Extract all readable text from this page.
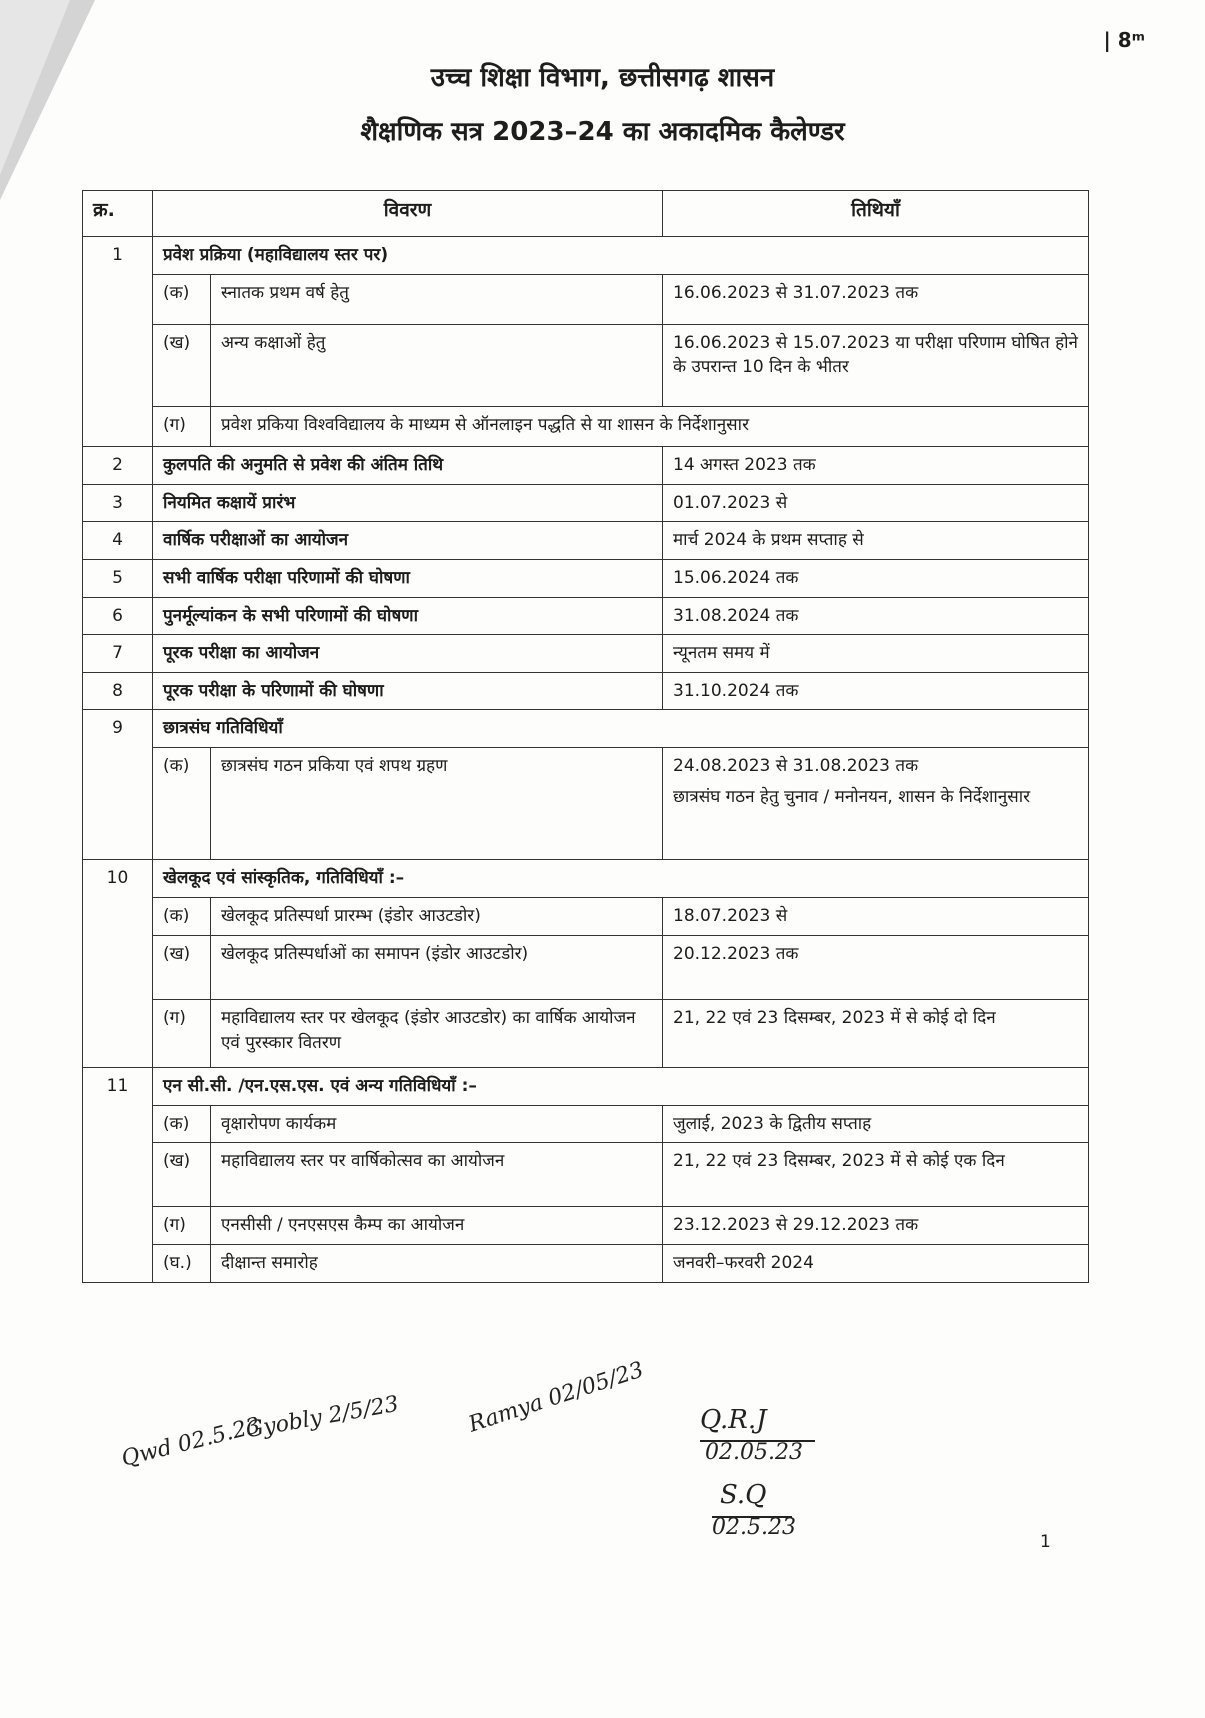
| 8ᵐ
उच्च शिक्षा विभाग, छत्तीसगढ़ शासन
शैक्षणिक सत्र 2023–24 का अकादमिक कैलेण्डर
क्र.	विवरण		तिथियाँ
1	प्रवेश प्रक्रिया (महाविद्यालय स्तर पर)		
	(क)	स्नातक प्रथम वर्ष हेतु	16.06.2023 से 31.07.2023 तक
	(ख)	अन्य कक्षाओं हेतु	16.06.2023 से 15.07.2023 या परीक्षा परिणाम घोषित होने के उपरान्त 10 दिन के भीतर
	(ग)	प्रवेश प्रकिया विश्वविद्यालय के माध्यम से ऑनलाइन पद्धति से या शासन के निर्देशानुसार	
2	कुलपति की अनुमति से प्रवेश की अंतिम तिथि		14 अगस्त 2023 तक
3	नियमित कक्षायें प्रारंभ		01.07.2023 से
4	वार्षिक परीक्षाओं का आयोजन		मार्च 2024 के प्रथम सप्ताह से
5	सभी वार्षिक परीक्षा परिणामों की घोषणा		15.06.2024 तक
6	पुनर्मूल्यांकन के सभी परिणामों की घोषणा		31.08.2024 तक
7	पूरक परीक्षा का आयोजन		न्यूनतम समय में
8	पूरक परीक्षा के परिणामों की घोषणा		31.10.2024 तक
9	छात्रसंघ गतिविधियाँ		
	(क)	छात्रसंघ गठन प्रकिया एवं शपथ ग्रहण	24.08.2023 से 31.08.2023 तक
छात्रसंघ गठन हेतु चुनाव / मनोनयन, शासन के निर्देशानुसार

10	खेलकूद एवं सांस्कृतिक, गतिविधियाँ :–		
	(क)	खेलकूद प्रतिस्पर्धा प्रारम्भ (इंडोर आउटडोर)	18.07.2023 से
	(ख)	खेलकूद प्रतिस्पर्धाओं का समापन (इंडोर आउटडोर)	20.12.2023 तक
	(ग)	महाविद्यालय स्तर पर खेलकूद (इंडोर आउटडोर) का वार्षिक आयोजन एवं पुरस्कार वितरण	21, 22 एवं 23 दिसम्बर, 2023 में से कोई दो दिन
11	एन सी.सी. /एन.एस.एस. एवं अन्य गतिविधियाँ :–		
	(क)	वृक्षारोपण कार्यकम	जुलाई, 2023 के द्वितीय सप्ताह
	(ख)	महाविद्यालय स्तर पर वार्षिकोत्सव का आयोजन	21, 22 एवं 23 दिसम्बर, 2023 में से कोई एक दिन
	(ग)	एनसीसी / एनएसएस कैम्प का आयोजन	23.12.2023 से 29.12.2023 तक
	(घ.)	दीक्षान्त समारोह	जनवरी–फरवरी 2024
Qwd 02.5.23
Gyobly 2/5/23	Ramya 02/05/23 Q.R.J
02.05.23
S.Q
02.5.23
1
